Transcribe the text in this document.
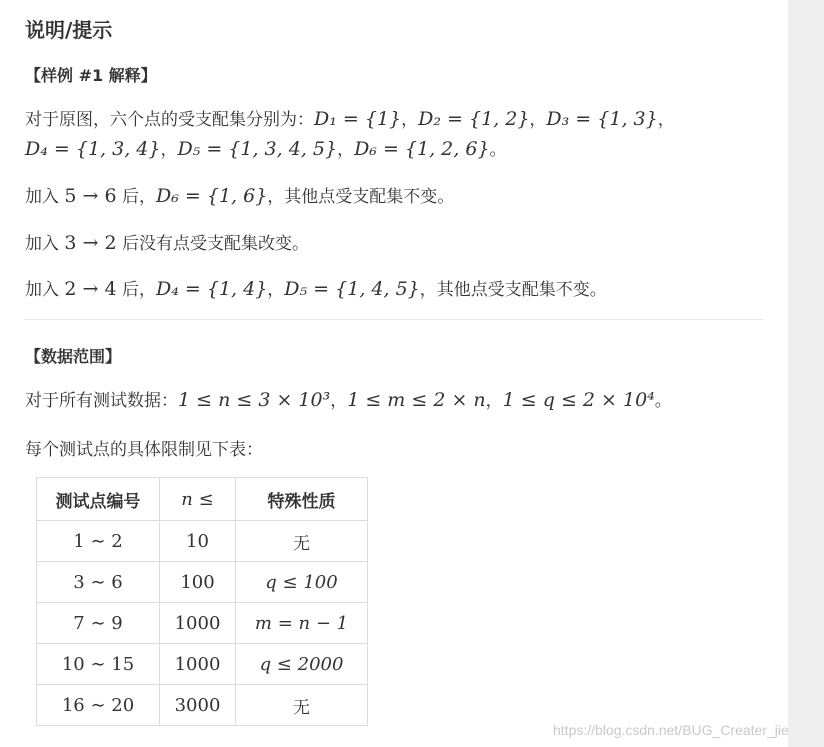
说明/提示
【样例 #1 解释】
对于原图，六个点的受支配集分别为：D₁ = {1}，D₂ = {1, 2}，D₃ = {1, 3}，
D₄ = {1, 3, 4}，D₅ = {1, 3, 4, 5}，D₆ = {1, 2, 6}。
加入 5 → 6 后，D₆ = {1, 6}，其他点受支配集不变。
加入 3 → 2 后没有点受支配集改变。
加入 2 → 4 后，D₄ = {1, 4}，D₅ = {1, 4, 5}，其他点受支配集不变。
【数据范围】
对于所有测试数据：1 ≤ n ≤ 3 × 10³，1 ≤ m ≤ 2 × n，1 ≤ q ≤ 2 × 10⁴。
每个测试点的具体限制见下表：
测试点编号	n ≤	特殊性质
1 ∼ 2	10	无
3 ∼ 6	100	q ≤ 100
7 ∼ 9	1000	m = n − 1
10 ∼ 15	1000	q ≤ 2000
16 ∼ 20	3000	无
https://blog.csdn.net/BUG_Creater_jie
